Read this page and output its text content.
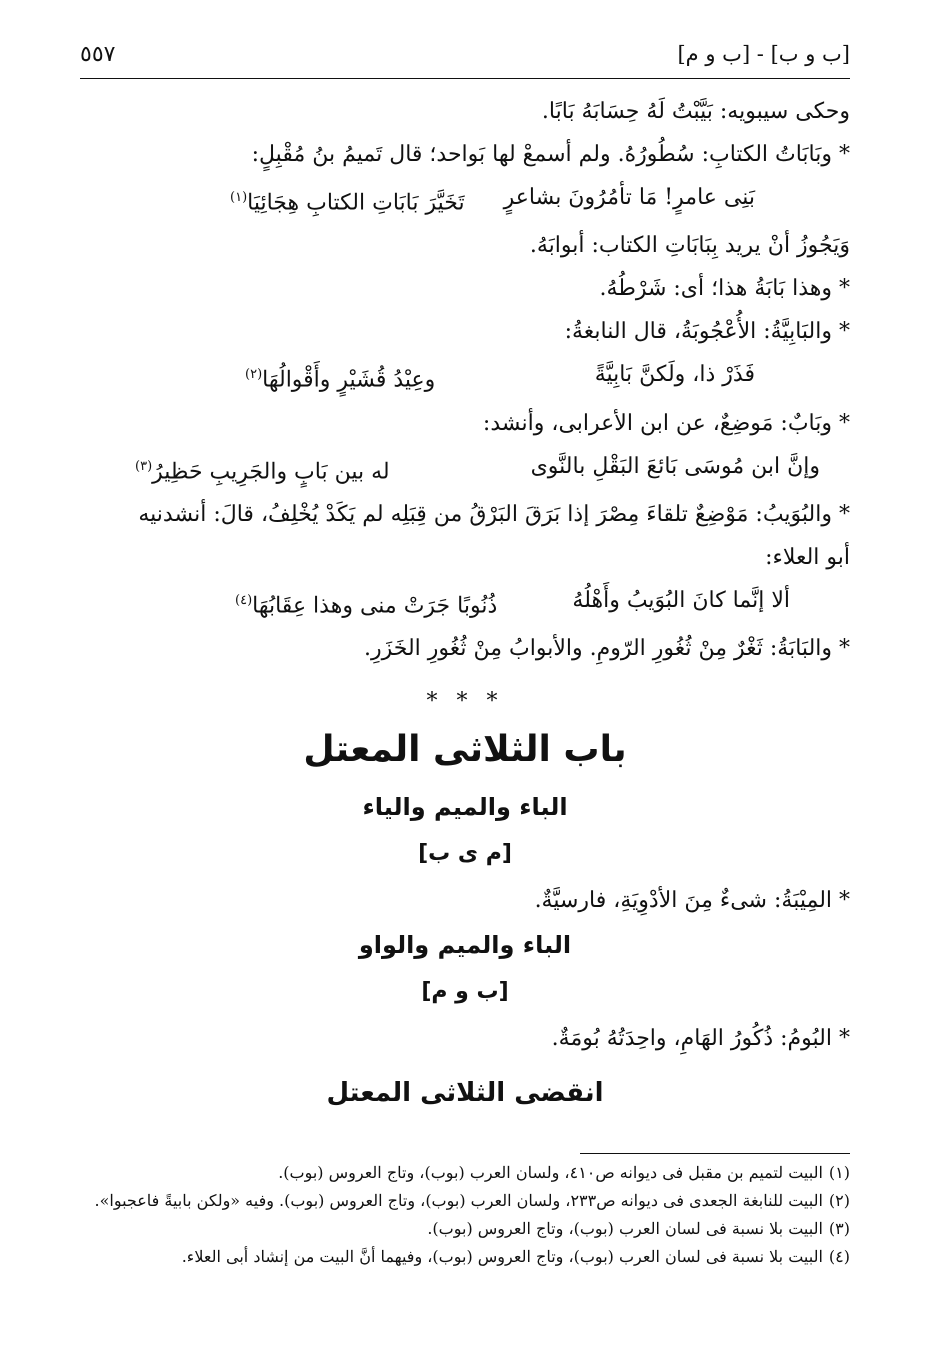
[ب و ب] - [ب و م]
٥٥٧

وحكى سيبويه: بَيَّبْتُ لَهُ حِسَابَهُ بَابًا.

* وبَابَاتُ الكتابِ: سُطُورُهُ. ولم أسمعْ لها بَواحد؛ قال تَميمُ بنُ مُقْبِلٍ:

بَنِى عامرٍ! مَا تأمُرُونَ بشاعرٍ
تَخَيَّرَ بَابَاتِ الكتابِ هِجَائِيَا$^{(١)}$

وَيَجُوزُ أنْ يريد بِبَابَاتِ الكتاب: أبوابَهُ.

* وهذا بَابَةُ هذا؛ أى: شَرْطُهُ.

* والبَابِيَّةُ: الأُعْجُوبَةُ، قال النابغةُ:

فَذَرْ ذا، ولَكنَّ بَابِيَّةً
وعِيْدُ قُشَيْرٍ وأَقْوالُهَا$^{(٢)}$

* وبَابٌ: مَوضِعٌ، عن ابن الأعرابى، وأنشد:

وإنَّ ابن مُوسَى بَائعَ البَقْلِ بالنَّوى
له بين بَابٍ والجَرِيبِ حَظِيرُ$^{(٣)}$

* والبُوَيبُ: مَوْضِعٌ تلقاءَ مِصْرَ إذا بَرَقَ البَرْقُ من قِبَلِه لم يَكَدْ يُخْلِفُ، قالَ: أنشدنيه

أبو العلاء:

ألا إنَّما كانَ البُوَيبُ وأَهْلُهُ
ذُنُوبًا جَرَتْ منى وهذا عِقَابُهَا$^{(٤)}$

* والبَابَةُ: ثَغْرٌ مِنْ ثُغُورِ الرّومِ. والأبوابُ مِنْ ثُغُورِ الخَزَرِ.

* * *
باب الثلاثى المعتل
الباء والميم والياء
[م ى ب]

* المِيْبَةُ: شىءٌ مِنَ الأدْوِيَةِ، فارسيَّةٌ.

الباء والميم والواو
[ب و م]

* البُومُ: ذُكُورُ الهَامِ، واحِدَتُهُ بُومَةٌ.

انقضى الثلاثى المعتل

(١)البيت لتميم بن مقبل فى ديوانه ص٤١٠، ولسان العرب (بوب)، وتاج العروس (بوب).

(٢)البيت للنابغة الجعدى فى ديوانه ص٢٣٣، ولسان العرب (بوب)، وتاج العروس (بوب). وفيه «ولكن بابيةً فاعجبوا».

(٣)البيت بلا نسبة فى لسان العرب (بوب)، وتاج العروس (بوب).

(٤)البيت بلا نسبة فى لسان العرب (بوب)، وتاج العروس (بوب)، وفيهما أنَّ البيت من إنشاد أبى العلاء.
